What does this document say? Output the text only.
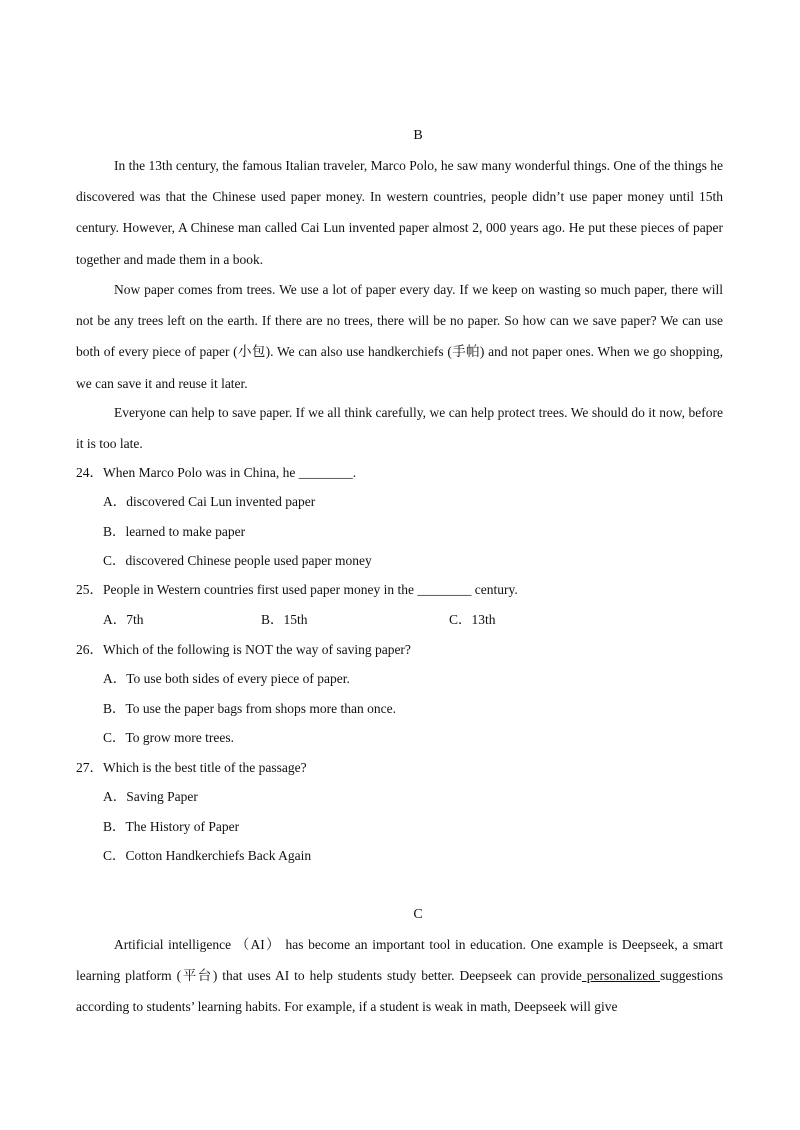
B
In the 13th century, the famous Italian traveler, Marco Polo, he saw many wonderful things. One of the things he discovered was that the Chinese used paper money. In western countries, people didn’t use paper money until 15th century. However, A Chinese man called Cai Lun invented paper almost 2, 000 years ago. He put these pieces of paper together and made them in a book.
Now paper comes from trees. We use a lot of paper every day. If we keep on wasting so much paper, there will not be any trees left on the earth. If there are no trees, there will be no paper. So how can we save paper? We can use both of every piece of paper (小包). We can also use handkerchiefs (手帕) and not paper ones. When we go shopping, we can save it and reuse it later.
Everyone can help to save paper. If we all think carefully, we can help protect trees. We should do it now, before it is too late.
24．When Marco Polo was in China, he ________.
A．discovered Cai Lun invented paper
B．learned to make paper
C．discovered Chinese people used paper money
25．People in Western countries first used paper money in the ________ century.
A．7th	B．15th	C．13th
26．Which of the following is NOT the way of saving paper?
A．To use both sides of every piece of paper.
B．To use the paper bags from shops more than once.
C．To grow more trees.
27．Which is the best title of the passage?
A．Saving Paper
B．The History of Paper
C．Cotton Handkerchiefs Back Again
C
Artificial intelligence （AI） has become an important tool in education. One example is Deepseek, a smart learning platform (平台) that uses AI to help students study better. Deepseek can provide personalized suggestions according to students’ learning habits. For example, if a student is weak in math, Deepseek will give
